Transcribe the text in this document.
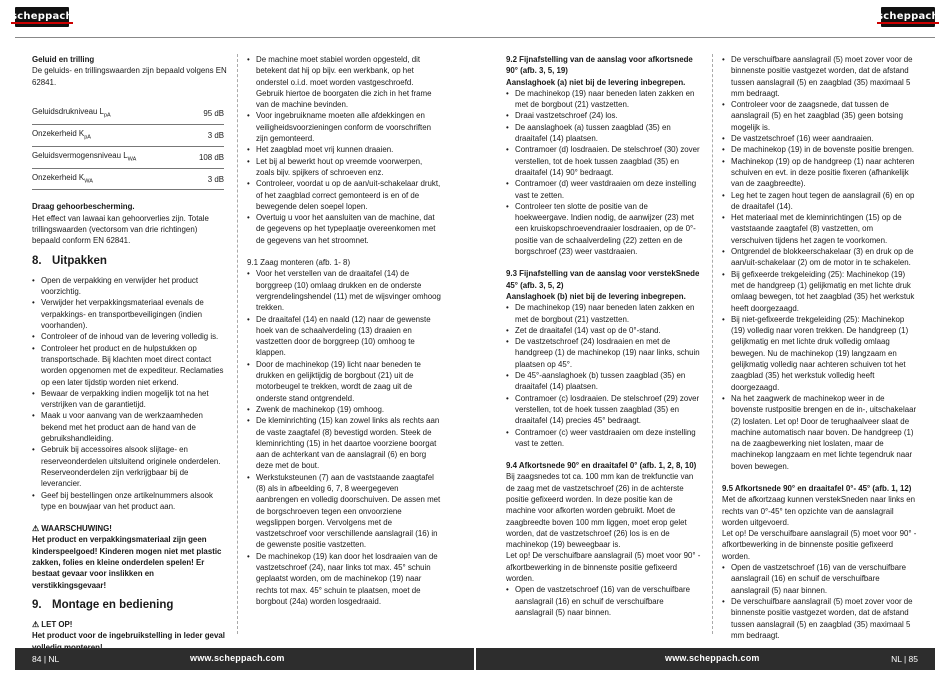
scheppach	scheppach

Geluid en trilling

De geluids- en trillingswaarden zijn bepaald volgens EN 62841.

Geluidsdrukniveau $L_{pA}$	95 dB
Onzekerheid $K_{pA}$	3 dB
Geluidsvermogensniveau $L_{WA}$	108 dB
Onzekerheid $K_{WA}$	3 dB

Draag gehoorbescherming.

Het effect van lawaai kan gehoorverlies zijn. Totale trillingswaarden (vectorsom van drie richtingen) bepaald conform EN 62841.

8. Uitpakken
• Open de verpakking en verwijder het product voorzichtig.
• Verwijder het verpakkingsmateriaal evenals de verpakkings- en transportbeveiligingen (indien voorhanden).
• Controleer of de inhoud van de levering volledig is.
• Controleer het product en de hulpstukken op transportschade. Bij klachten moet direct contact worden opgenomen met de expediteur. Reclamaties op een later tijdstip worden niet erkend.
• Bewaar de verpakking indien mogelijk tot na het verstrijken van de garantietijd.
• Maak u voor aanvang van de werkzaamheden bekend met het product aan de hand van de gebruikshandleiding.
• Gebruik bij accessoires alsook slijtage- en reserveonderdelen uitsluitend originele onderdelen. Reserveonderdelen zijn verkrijgbaar bij de leverancier.
• Geef bij bestellingen onze artikelnummers alsook type en bouwjaar van het product aan.

⚠ WAARSCHUWING!

Het product en verpakkingsmateriaal zijn geen kinderspeelgoed! Kinderen mogen niet met plastic zakken, folies en kleine onderdelen spelen! Er bestaat gevaar voor inslikken en verstikkingsgevaar!

9. Montage en bediening

⚠ LET OP!

Het product voor de ingebruikstelling in leder geval

• De machine moet stabiel worden opgesteld, dit betekent dat hij op bijv. een werkbank, op het onderstel o.i.d. moet worden vastgeschroefd. Gebruik hiertoe de boorgaten die zich in het frame van de machine bevinden.
• Voor ingebruikname moeten alle afdekkingen en veiligheidsvoorzieningen conform de voorschriften zijn gemonteerd.
• Het zaagblad moet vrij kunnen draaien.
• Let bij al bewerkt hout op vreemde voorwerpen, zoals bijv. spijkers of schroeven enz.
• Controleer, voordat u op de aan/uit-schakelaar drukt, of het zaagblad correct gemonteerd is en of de bewegende delen soepel lopen.
• Overtuig u voor het aansluiten van de machine, dat de gegevens op het typeplaatje overeenkomen met de gegevens van het stroomnet.

9.1 Zaag monteren (afb. 1- 8)

• Voor het verstellen van de draaitafel (14) de borggreep (10) omlaag drukken en de onderste vergrendelingshendel (11) met de wijsvinger omhoog trekken.
• De draaitafel (14) en naald (12) naar de gewenste hoek van de schaalverdeling (13) draaien en vastzetten door de borggreep (10) omhoog te klappen.
• Door de machinekop (19) licht naar beneden te drukken en gelijktijdig de borgbout (21) uit de motorbeugel te trekken, wordt de zaag uit de onderste stand ontgrendeld.
• Zwenk de machinekop (19) omhoog.
• De kleminrichting (15) kan zowel links als rechts aan de vaste zaagtafel (8) bevestigd worden. Steek de kleminrichting (15) in het daartoe voorziene boorgat aan de achterkant van de aanslagrail (6) en borg deze met de bout.
• Werkstuksteunen (7) aan de vaststaande zaagtafel (8) als in afbeelding 6, 7, 8 weergegeven aanbrengen en volledig doorschuiven. De assen met de borgschroeven tegen een onvoorziene wegslippen borgen. Vervolgens met de vastzetschroef voor verschillende aanslagrail (16) in de gewenste positie vastzetten.
• De machinekop (19) kan door het losdraaien van de vastzetschroef (24), naar links tot max. 45° schuin geplaatst worden, om de machinekop (19) naar rechts tot max. 45° schuin te plaatsen, moet de borgbout (24a) worden losgedraaid.

9.2 Fijnafstelling van de aanslag voor afkortsnede 90° (afb. 3, 5, 19)

Aanslaghoek (a) niet bij de levering inbegrepen.

• De machinekop (19) naar beneden laten zakken en met de borgbout (21) vastzetten.
• Draai vastzetschroef (24) los.
• De aanslaghoek (a) tussen zaagblad (35) en draaitafel (14) plaatsen.
• Contramoer (d) losdraaien. De stelschroef (30) zover verstellen, tot de hoek tussen zaagblad (35) en draaitafel (14) 90° bedraagt.
• Contramoer (d) weer vastdraaien om deze instelling vast te zetten.
• Controleer ten slotte de positie van de hoekweergave. Indien nodig, de aanwijzer (23) met een kruiskopschroevendraaier losdraaien, op de 0°-positie van de schaalverdeling (22) zetten en de borgschroef (23) weer vastdraaien.

9.3 Fijnafstelling van de aanslag voor verstekSnede 45° (afb. 3, 5, 2)

Aanslaghoek (b) niet bij de levering inbegrepen.

• De machinekop (19) naar beneden laten zakken en met de borgbout (21) vastzetten.
• Zet de draaitafel (14) vast op de 0°-stand.
• De vastzetschroef (24) losdraaien en met de handgreep (1) de machinekop (19) naar links, schuin plaatsen op 45°.
• De 45°-aanslaghoek (b) tussen zaagblad (35) en draaitafel (14) plaatsen.
• Contramoer (c) losdraaien. De stelschroef (29) zover verstellen, tot de hoek tussen zaagblad (35) en draaitafel (14) precies 45° bedraagt.
• Contramoer (c) weer vastdraaien om deze instelling vast te zetten.

9.4 Afkortsnede 90° en draaitafel 0° (afb. 1, 2, 8, 10)

Bij zaagsnedes tot ca. 100 mm kan de trekfunctie van de zaag met de vastzetschroef (26) in de achterste positie gefixeerd worden. In deze positie kan de machine voor afkorten worden gebruikt. Moet de zaagbreedte boven 100 mm liggen, moet erop gelet worden, dat de vastzetschroef (26) los is en de machinekop (19) beweegbaar is.

Let op! De verschuifbare aanslagrail (5) moet voor 90° - afkortbewerking in de binnenste positie gefixeerd worden.

• Open de vastzetschroef (16) van de verschuifbare aanslagrail (16) en schuif de verschuifbare aanslagrail (5) naar binnen.
• De verschuifbare aanslagrail (5) moet zover voor de binnenste positie vastgezet worden, dat de afstand tussen aanslagrail (5) en zaagblad (35) maximaal 5 mm bedraagt.
• Controleer voor de zaagsnede, dat tussen de aanslagrail (5) en het zaagblad (35) geen botsing mogelijk is.
• De vastzetschroef (16) weer aandraaien.
• De machinekop (19) in de bovenste positie brengen.
• Machinekop (19) op de handgreep (1) naar achteren schuiven en evt. in deze positie fixeren (afhankelijk van de zaagbreedte).
• Leg het te zagen hout tegen de aanslagrail (6) en op de draaitafel (14).
• Het materiaal met de kleminrichtingen (15) op de vaststaande zaagtafel (8) vastzetten, om verschuiven tijdens het zagen te voorkomen.
• Ontgrendel de blokkeerschakelaar (3) en druk op de aan/uit-schakelaar (2) om de motor in te schakelen.
• Bij gefixeerde trekgeleiding (25): Machinekop (19) met de handgreep (1) gelijkmatig en met lichte druk omlaag bewegen, tot het zaagblad (35) het werkstuk heeft doorgezaagd.
• Bij niet-gefixeerde trekgeleiding (25): Machinekop (19) volledig naar voren trekken. De handgreep (1) gelijkmatig en met lichte druk volledig omlaag bewegen. Nu de machinekop (19) langzaam en gelijkmatig volledig naar achteren schuiven tot het zaagblad (35) het werkstuk volledig heeft doorgezaagd.
• Na het zaagwerk de machinekop weer in de bovenste rustpositie brengen en de in-, uitschakelaar (2) loslaten. Let op! Door de terughaalveer slaat de machine automatisch naar boven. De handgreep (1) na de zaagbewerking niet loslaten, maar de machinekop langzaam en met lichte tegendruk naar boven bewegen.

9.5 Afkortsnede 90° en draaitafel 0°- 45° (afb. 1, 12)

Met de afkortzaag kunnen verstekSneden naar links en rechts van 0°-45° ten opzichte van de aanslagrail worden uitgevoerd.

Let op! De verschuifbare aanslagrail (5) moet voor 90° - afkortbewerking in de binnenste positie gefixeerd worden.

• Open de vastzetschroef (16) van de verschuifbare aanslagrail (16) en schuif de verschuifbare aanslagrail (5) naar binnen.
• De verschuifbare aanslagrail (5) moet zover voor de binnenste positie vastgezet worden, dat de afstand tussen aanslagrail (5) en zaagblad (35) maximaal 5 mm bedraagt.
84 | NL	www.scheppach.com	www.scheppach.com	NL | 85
